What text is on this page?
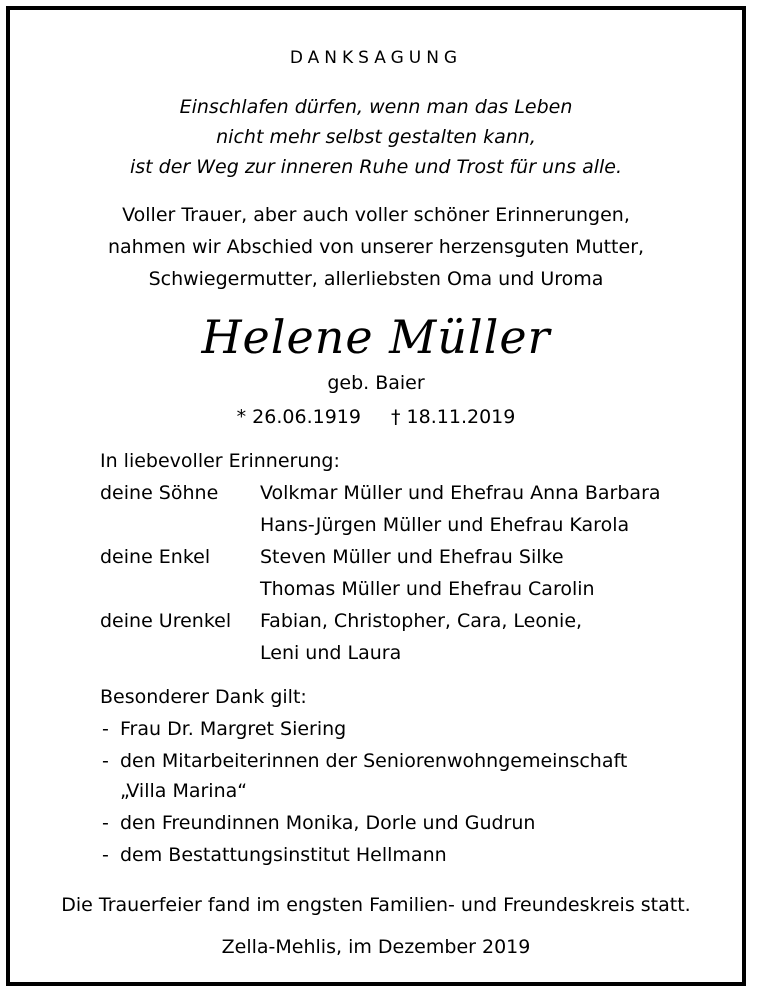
DANKSAGUNG
Einschlafen dürfen, wenn man das Leben
nicht mehr selbst gestalten kann,
ist der Weg zur inneren Ruhe und Trost für uns alle.
Voller Trauer, aber auch voller schöner Erinnerungen,
nahmen wir Abschied von unserer herzensguten Mutter,
Schwiegermutter, allerliebsten Oma und Uroma
Helene Müller
geb. Baier
* 26.06.1919 † 18.11.2019
In liebevoller Erinnerung:
deine Söhne Volkmar Müller und Ehefrau Anna Barbara
Hans-Jürgen Müller und Ehefrau Karola
deine Enkel	Steven Müller und Ehefrau Silke
Thomas Müller und Ehefrau Carolin
deine Urenkel Fabian, Christopher, Cara, Leonie,
Leni und Laura
Besonderer Dank gilt:
- Frau Dr. Margret Siering
- den Mitarbeiterinnen der Seniorenwohngemeinschaft
„Villa Marina“
- den Freundinnen Monika, Dorle und Gudrun
- dem Bestattungsinstitut Hellmann
Die Trauerfeier fand im engsten Familien- und Freundeskreis statt.
Zella-Mehlis, im Dezember 2019
